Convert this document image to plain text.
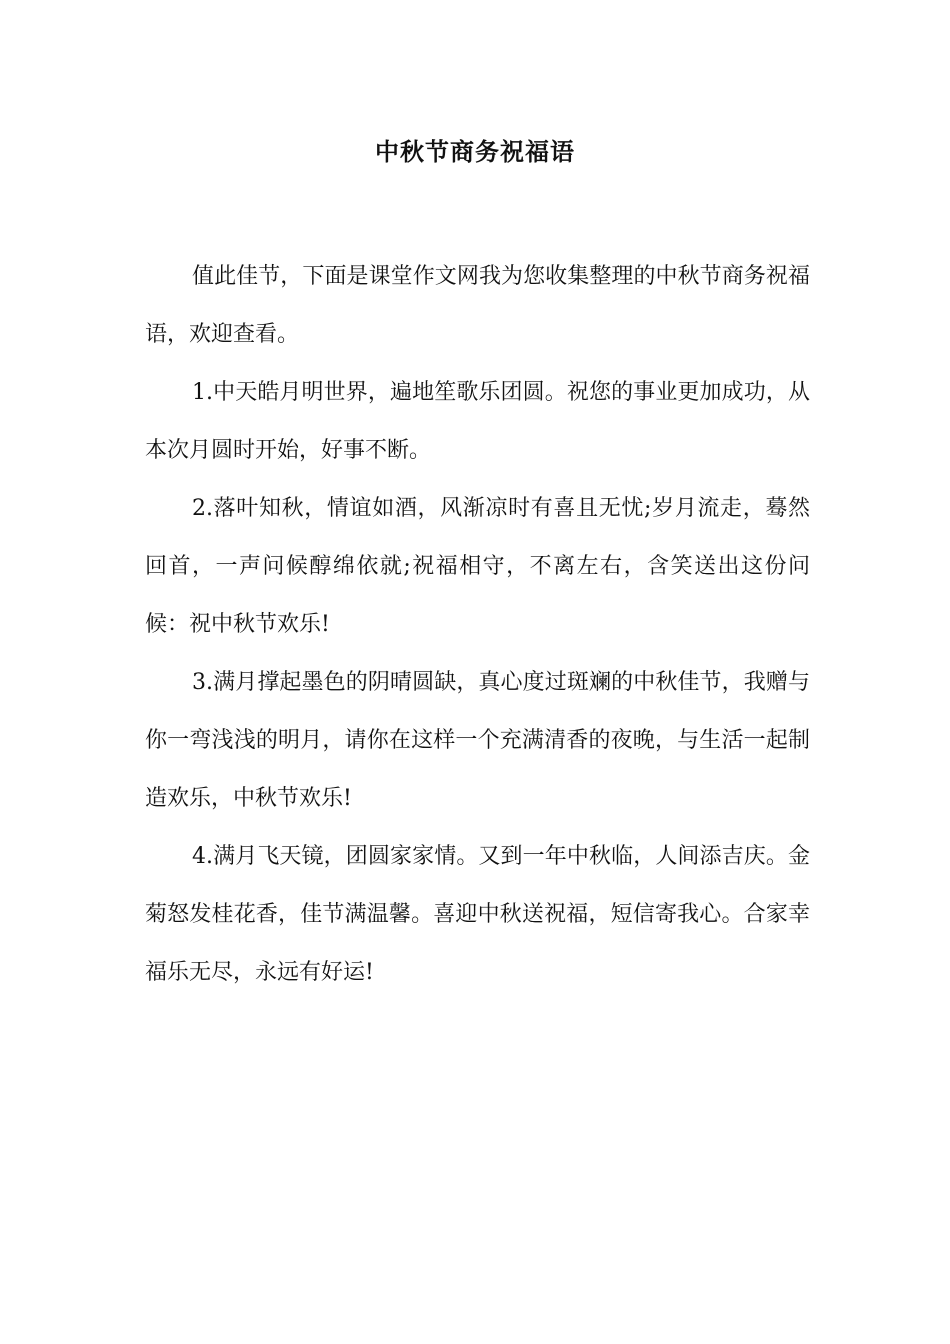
中秋节商务祝福语

值此佳节，下面是课堂作文网我为您收集整理的中秋节商务祝福语，欢迎查看。

1.中天皓月明世界，遍地笙歌乐团圆。祝您的事业更加成功，从本次月圆时开始，好事不断。

2.落叶知秋，情谊如酒，风渐凉时有喜且无忧;岁月流走，蓦然回首，一声问候醇绵依就;祝福相守，不离左右，含笑送出这份问候：祝中秋节欢乐!

3.满月撑起墨色的阴晴圆缺，真心度过斑斓的中秋佳节，我赠与你一弯浅浅的明月，请你在这样一个充满清香的夜晚，与生活一起制造欢乐，中秋节欢乐!

4.满月飞天镜，团圆家家情。又到一年中秋临，人间添吉庆。金菊怒发桂花香，佳节满温馨。喜迎中秋送祝福，短信寄我心。合家幸福乐无尽，永远有好运!
